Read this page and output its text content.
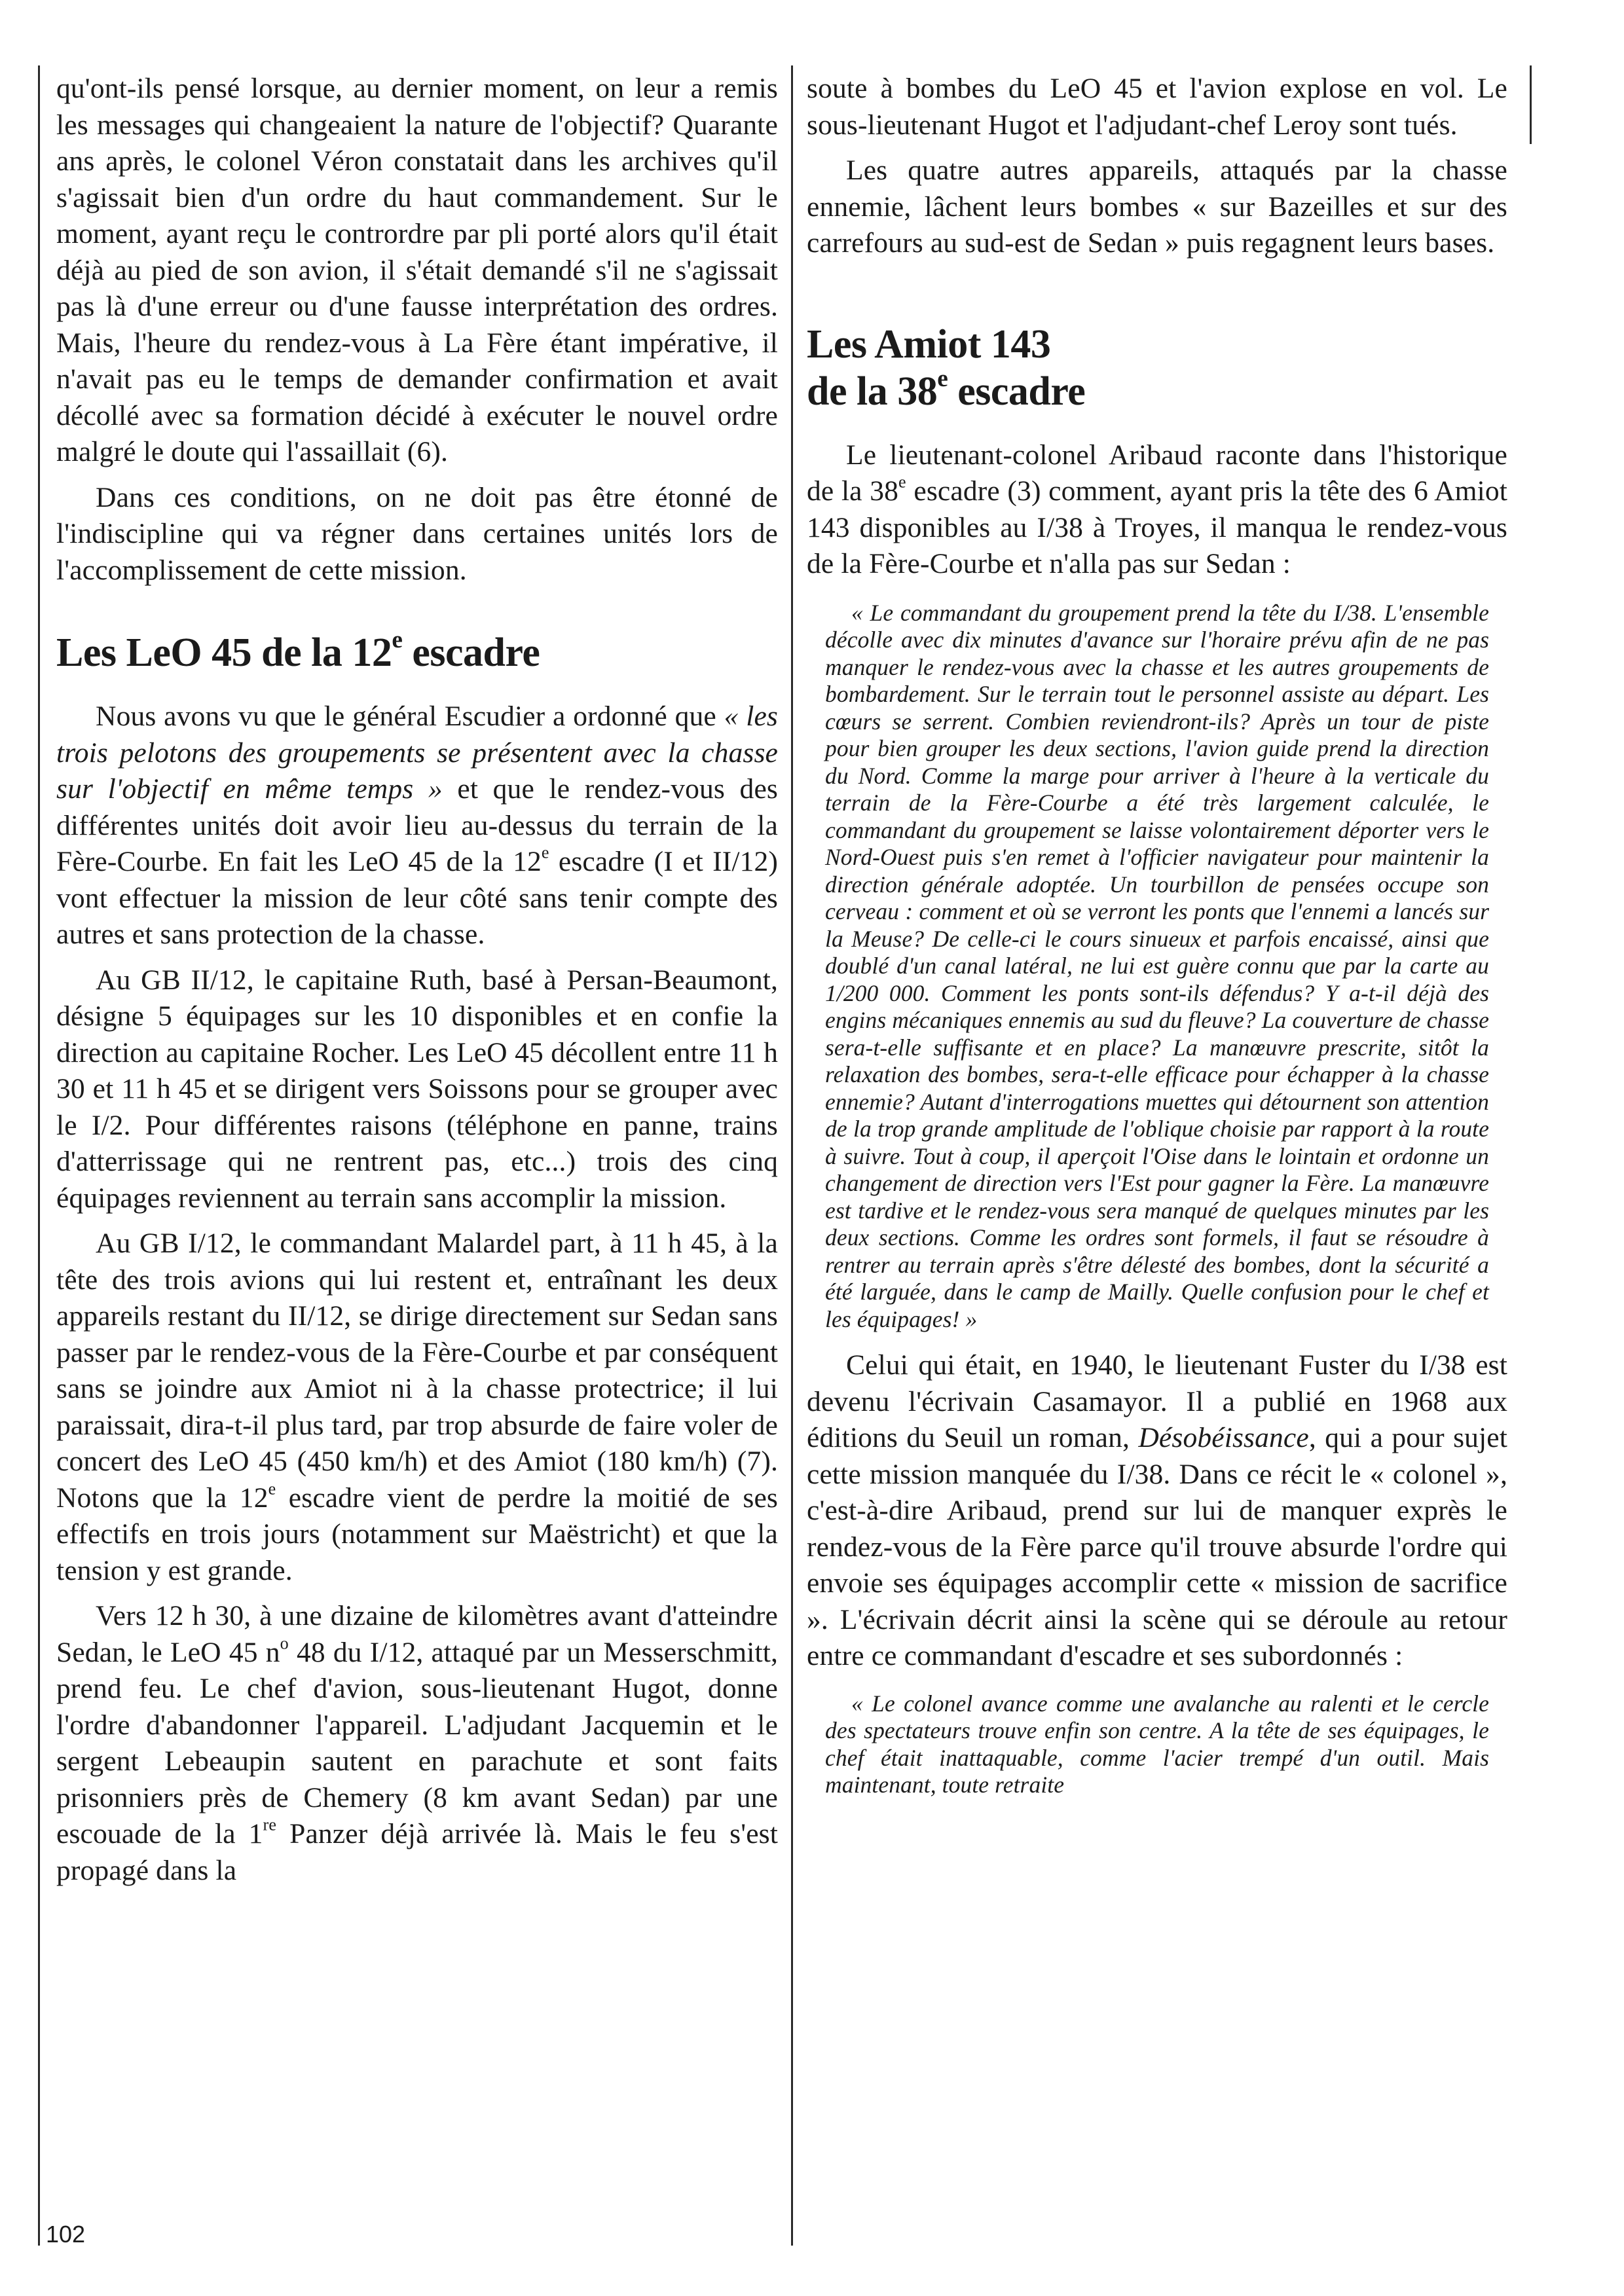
qu'ont-ils pensé lorsque, au dernier moment, on leur a remis les messages qui changeaient la nature de l'objectif? Quarante ans après, le colonel Véron constatait dans les archives qu'il s'agissait bien d'un ordre du haut commandement. Sur le moment, ayant reçu le contrordre par pli porté alors qu'il était déjà au pied de son avion, il s'était demandé s'il ne s'agissait pas là d'une erreur ou d'une fausse interprétation des ordres. Mais, l'heure du rendez-vous à La Fère étant impérative, il n'avait pas eu le temps de demander confirmation et avait décollé avec sa formation décidé à exécuter le nouvel ordre malgré le doute qui l'assaillait (6).

Dans ces conditions, on ne doit pas être étonné de l'indiscipline qui va régner dans certaines unités lors de l'accomplissement de cette mission.

Les LeO 45 de la 12e escadre

Nous avons vu que le général Escudier a ordonné que « les trois pelotons des groupements se présentent avec la chasse sur l'objectif en même temps » et que le rendez-vous des différentes unités doit avoir lieu au-dessus du terrain de la Fère-Courbe. En fait les LeO 45 de la 12e escadre (I et II/12) vont effectuer la mission de leur côté sans tenir compte des autres et sans protection de la chasse.

Au GB II/12, le capitaine Ruth, basé à Persan-Beaumont, désigne 5 équipages sur les 10 disponibles et en confie la direction au capitaine Rocher. Les LeO 45 décollent entre 11 h 30 et 11 h 45 et se dirigent vers Soissons pour se grouper avec le I/2. Pour différentes raisons (téléphone en panne, trains d'atterrissage qui ne rentrent pas, etc...) trois des cinq équipages reviennent au terrain sans accomplir la mission.

Au GB I/12, le commandant Malardel part, à 11 h 45, à la tête des trois avions qui lui restent et, entraînant les deux appareils restant du II/12, se dirige directement sur Sedan sans passer par le rendez-vous de la Fère-Courbe et par conséquent sans se joindre aux Amiot ni à la chasse protectrice; il lui paraissait, dira-t-il plus tard, par trop absurde de faire voler de concert des LeO 45 (450 km/h) et des Amiot (180 km/h) (7). Notons que la 12e escadre vient de perdre la moitié de ses effectifs en trois jours (notamment sur Maëstricht) et que la tension y est grande.

Vers 12 h 30, à une dizaine de kilomètres avant d'atteindre Sedan, le LeO 45 $n^o$ 48 du I/12, attaqué par un Messerschmitt, prend feu. Le chef d'avion, sous-lieutenant Hugot, donne l'ordre d'abandonner l'appareil. L'adjudant Jacquemin et le sergent Lebeaupin sautent en parachute et sont faits prisonniers près de Chemery (8 km avant Sedan) par une escouade de la 1re Panzer déjà arrivée là. Mais le feu s'est propagé dans la

soute à bombes du LeO 45 et l'avion explose en vol. Le sous-lieutenant Hugot et l'adjudant-chef Leroy sont tués.

Les quatre autres appareils, attaqués par la chasse ennemie, lâchent leurs bombes « sur Bazeilles et sur des carrefours au sud-est de Sedan » puis regagnent leurs bases.

Les Amiot 143
de la 38e escadre

Le lieutenant-colonel Aribaud raconte dans l'historique de la 38e escadre (3) comment, ayant pris la tête des 6 Amiot 143 disponibles au I/38 à Troyes, il manqua le rendez-vous de la Fère-Courbe et n'alla pas sur Sedan :

« Le commandant du groupement prend la tête du I/38. L'ensemble décolle avec dix minutes d'avance sur l'horaire prévu afin de ne pas manquer le rendez-vous avec la chasse et les autres groupements de bombardement. Sur le terrain tout le personnel assiste au départ. Les cœurs se serrent. Combien reviendront-ils? Après un tour de piste pour bien grouper les deux sections, l'avion guide prend la direction du Nord. Comme la marge pour arriver à l'heure à la verticale du terrain de la Fère-Courbe a été très largement calculée, le commandant du groupement se laisse volontairement déporter vers le Nord-Ouest puis s'en remet à l'officier navigateur pour maintenir la direction générale adoptée. Un tourbillon de pensées occupe son cerveau : comment et où se verront les ponts que l'ennemi a lancés sur la Meuse? De celle-ci le cours sinueux et parfois encaissé, ainsi que doublé d'un canal latéral, ne lui est guère connu que par la carte au 1/200 000. Comment les ponts sont-ils défendus? Y a-t-il déjà des engins mécaniques ennemis au sud du fleuve? La couverture de chasse sera-t-elle suffisante et en place? La manœuvre prescrite, sitôt la relaxation des bombes, sera-t-elle efficace pour échapper à la chasse ennemie? Autant d'interrogations muettes qui détournent son attention de la trop grande amplitude de l'oblique choisie par rapport à la route à suivre. Tout à coup, il aperçoit l'Oise dans le lointain et ordonne un changement de direction vers l'Est pour gagner la Fère. La manœuvre est tardive et le rendez-vous sera manqué de quelques minutes par les deux sections. Comme les ordres sont formels, il faut se résoudre à rentrer au terrain après s'être délesté des bombes, dont la sécurité a été larguée, dans le camp de Mailly. Quelle confusion pour le chef et les équipages! »

Celui qui était, en 1940, le lieutenant Fuster du I/38 est devenu l'écrivain Casamayor. Il a publié en 1968 aux éditions du Seuil un roman, Désobéissance, qui a pour sujet cette mission manquée du I/38. Dans ce récit le « colonel », c'est-à-dire Aribaud, prend sur lui de manquer exprès le rendez-vous de la Fère parce qu'il trouve absurde l'ordre qui envoie ses équipages accomplir cette « mission de sacrifice ». L'écrivain décrit ainsi la scène qui se déroule au retour entre ce commandant d'escadre et ses subordonnés :

« Le colonel avance comme une avalanche au ralenti et le cercle des spectateurs trouve enfin son centre. A la tête de ses équipages, le chef était inattaquable, comme l'acier trempé d'un outil. Mais maintenant, toute retraite

102
